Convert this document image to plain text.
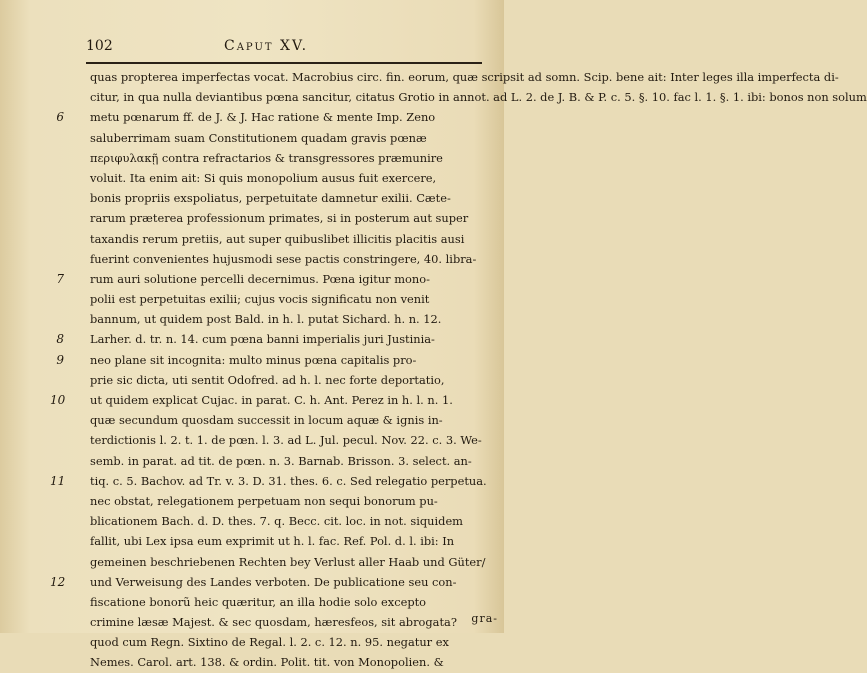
102	Caput XV.
quas propterea imperfectas vocat. Macrobius circ. fin. eorum, quæ scripsit ad somn. Scip. bene ait: Inter leges illa imperfecta di-
citur, in qua nulla deviantibus pœna sancitur, citatus Grotio in annot. ad L. 2. de J. B. & P. c. 5. §. 10. fac l. 1. §. 1. ibi: bonos non solum
6	metu pœnarum ff. de J. & J. Hac ratione & mente Imp. Zeno
saluberrimam suam Constitutionem quadam gravis pœnæ
περιφυλακῇ contra refractarios & transgressores præmunire
voluit. Ita enim ait: Si quis monopolium ausus fuit exercere,
bonis propriis exspoliatus, perpetuitate damnetur exilii. Cæte-
rarum præterea professionum primates, si in posterum aut super
taxandis rerum pretiis, aut super quibuslibet illicitis placitis ausi
fuerint convenientes hujusmodi sese pactis constringere, 40. libra-
7	rum auri solutione percelli decernimus. Pœna igitur mono-
polii est perpetuitas exilii; cujus vocis significatu non venit
bannum, ut quidem post Bald. in h. l. putat Sichard. h. n. 12.
8	Larher. d. tr. n. 14. cum pœna banni imperialis juri Justinia-
9	neo plane sit incognita: multo minus pœna capitalis pro-
prie sic dicta, uti sentit Odofred. ad h. l. nec forte deportatio,
10	ut quidem explicat Cujac. in parat. C. h. Ant. Perez in h. l. n. 1.
quæ secundum quosdam successit in locum aquæ & ignis in-
terdictionis l. 2. t. 1. de pœn. l. 3. ad L. Jul. pecul. Nov. 22. c. 3. We-
semb. in parat. ad tit. de pœn. n. 3. Barnab. Brisson. 3. select. an-
11	tiq. c. 5. Bachov. ad Tr. v. 3. D. 31. thes. 6. c. Sed relegatio perpetua.
nec obstat, relegationem perpetuam non sequi bonorum pu-
blicationem Bach. d. D. thes. 7. q. Becc. cit. loc. in not. siquidem
fallit, ubi Lex ipsa eum exprimit ut h. l. fac. Ref. Pol. d. l. ibi: In
gemeinen beschriebenen Rechten bey Verlust aller Haab und Güter/
12	und Verweisung des Landes verboten. De publicatione seu con-
fiscatione bonorũ heic quæritur, an illa hodie solo excepto
crimine læsæ Majest. & sec quosdam, hæresfeos, sit abrogata?
quod cum Regn. Sixtino de Regal. l. 2. c. 12. n. 95. negatur ex
Nemes. Carol. art. 138. & ordin. Polit. tit. von Monopolien. &
gra-
